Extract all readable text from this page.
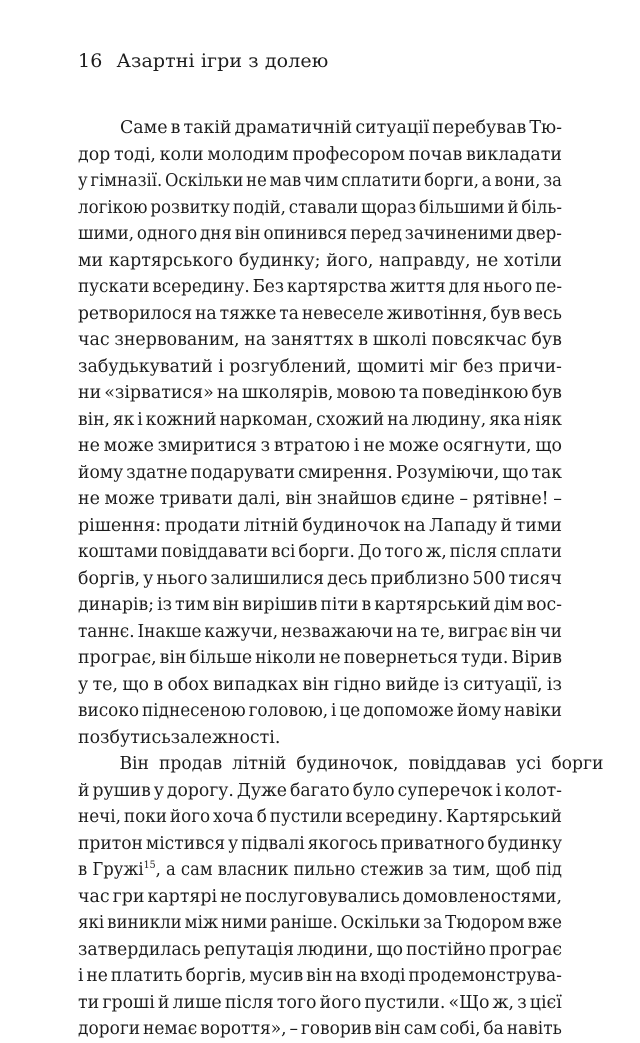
16 Азартні ігри з долею
Саме в такій драматичній ситуації перебував Тю-
дор тоді, коли молодим професором почав викладати
у гімназії. Оскільки не мав чим сплатити борги, а вони, за
логікою розвитку подій, ставали щораз більшими й біль-
шими, одного дня він опинився перед зачиненими двер-
ми картярського будинку; його, направду, не хотіли
пускати всередину. Без картярства життя для нього пе-
ретворилося на тяжке та невеселе животіння, був весь
час знервованим, на заняттях в школі повсякчас був
забудькуватий і розгублений, щомиті міг без причи-
ни «зірватися» на школярів, мовою та поведінкою був
він, як і кожний наркоман, схожий на людину, яка ніяк
не може змиритися з втратою і не може осягнути, що
йому здатне подарувати смирення. Розуміючи, що так
не може тривати далі, він знайшов єдине – рятівне! –
рішення: продати літній будиночок на Лападу й тими
коштами повіддавати всі борги. До того ж, після сплати
боргів, у нього залишилися десь приблизно 500 тисяч
динарів; із тим він вирішив піти в картярський дім вос-
таннє. Інакше кажучи, незважаючи на те, виграє він чи
програє, він більше ніколи не повернеться туди. Вірив
у те, що в обох випадках він гідно вийде із ситуації, із
високо піднесеною головою, і це допоможе йому навіки
позбутись залежності.
Він продав літній будиночок, повіддавав усі борги
й рушив у дорогу. Дуже багато було суперечок і колот-
нечі, поки його хоча б пустили всередину. Картярський
притон містився у підвалі якогось приватного будинку
в Гружі$^{15}$, а сам власник пильно стежив за тим, щоб під
час гри картярі не послуговувались домовленостями,
які виникли між ними раніше. Оскільки за Тюдором вже
затвердилась репутація людини, що постійно програє
і не платить боргів, мусив він на вході продемонструва-
ти гроші й лише після того його пустили. «Що ж, з цієї
дороги немає вороття», – говорив він сам собі, ба навіть
